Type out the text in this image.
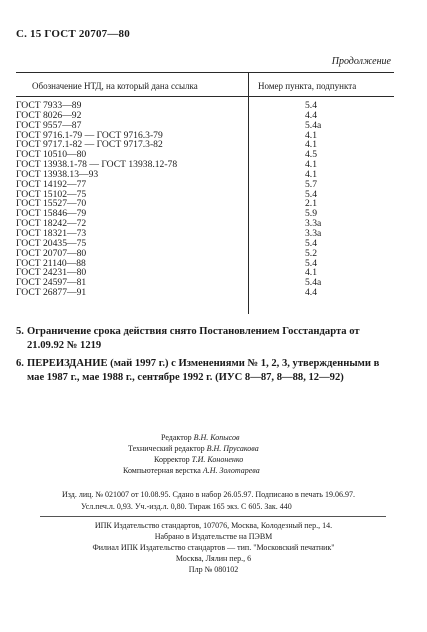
С. 15 ГОСТ 20707—80
Продолжение
Обозначение НТД, на который дана ссылка	Номер пункта, подпункта
ГОСТ 7933—89	5.4
ГОСТ 8026—92	4.4
ГОСТ 9557—87	5.4а
ГОСТ 9716.1-79 — ГОСТ 9716.3-79	4.1
ГОСТ 9717.1-82 — ГОСТ 9717.3-82	4.1
ГОСТ 10510—80	4.5
ГОСТ 13938.1-78 — ГОСТ 13938.12-78	4.1
ГОСТ 13938.13—93	4.1
ГОСТ 14192—77	5.7
ГОСТ 15102—75	5.4
ГОСТ 15527—70	2.1
ГОСТ 15846—79	5.9
ГОСТ 18242—72	3.3а
ГОСТ 18321—73	3.3а
ГОСТ 20435—75	5.4
ГОСТ 20707—80	5.2
ГОСТ 21140—88	5.4
ГОСТ 24231—80	4.1
ГОСТ 24597—81	5.4а
ГОСТ 26877—91	4.4
5. Ограничение срока действия снято Постановлением Госстандарта от 21.09.92 № 1219
6. ПЕРЕИЗДАНИЕ (май 1997 г.) с Изменениями № 1, 2, 3, утвержденными в мае 1987 г., мае 1988 г., сентябре 1992 г. (ИУС 8—87, 8—88, 12—92)
Редактор В.Н. Копысов
Технический редактор В.Н. Прусакова
Корректор Т.И. Кононенко
Компьютерная верстка А.Н. Золотарева
Изд. лиц. № 021007 от 10.08.95. Сдано в набор 26.05.97. Подписано в печать 19.06.97.
Усл.печ.л. 0,93. Уч.-изд.л. 0,80. Тираж 165 экз. С 605. Зак. 440
ИПК Издательство стандартов, 107076, Москва, Колодезный пер., 14.
Набрано в Издательстве на ПЭВМ
Филиал ИПК Издательство стандартов — тип. "Московский печатник"
Москва, Лялин пер., 6
Плр № 080102
